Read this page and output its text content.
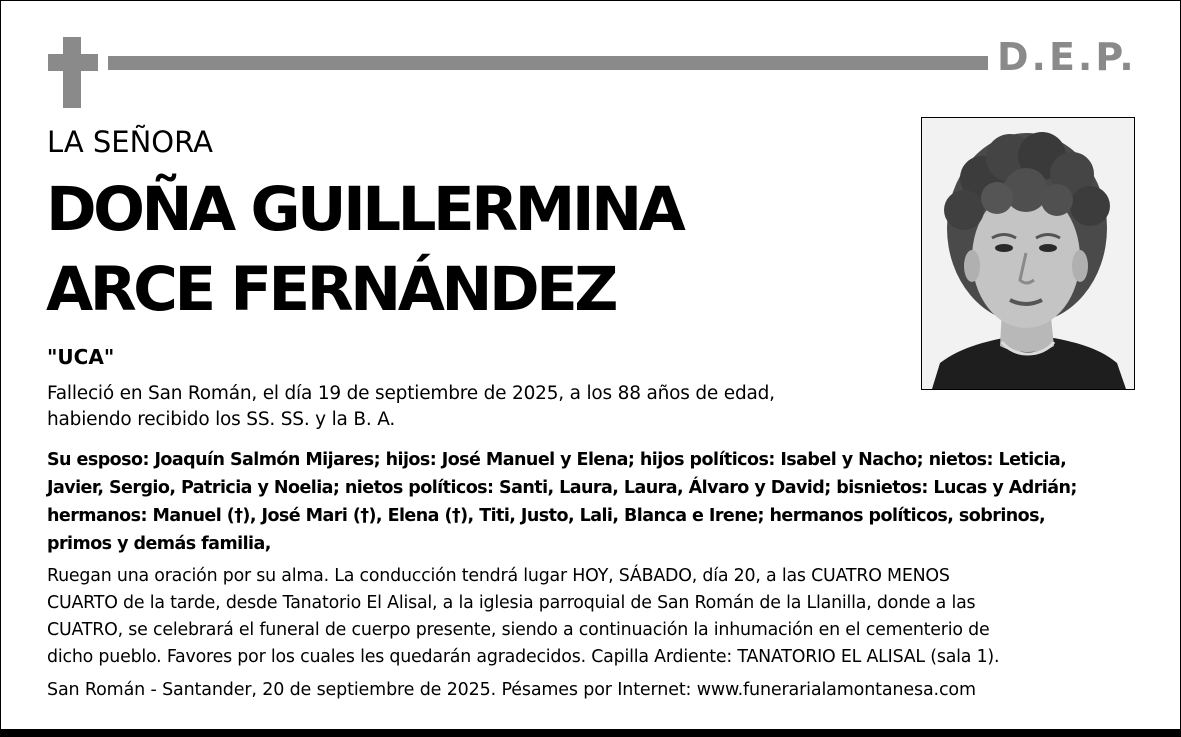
D.E.P.
LA SEÑORA
DOÑA GUILLERMINA
ARCE FERNÁNDEZ
"UCA"
Falleció en San Román, el día 19 de septiembre de 2025, a los 88 años de edad,
habiendo recibido los SS. SS. y la B. A.
Su esposo: Joaquín Salmón Mijares; hijos: José Manuel y Elena; hijos políticos: Isabel y Nacho; nietos: Leticia,
Javier, Sergio, Patricia y Noelia; nietos políticos: Santi, Laura, Laura, Álvaro y David; bisnietos: Lucas y Adrián;
hermanos: Manuel (†), José Mari (†), Elena (†), Titi, Justo, Lali, Blanca e Irene; hermanos políticos, sobrinos,
primos y demás familia,
Ruegan una oración por su alma. La conducción tendrá lugar HOY, SÁBADO, día 20, a las CUATRO MENOS
CUARTO de la tarde, desde Tanatorio El Alisal, a la iglesia parroquial de San Román de la Llanilla, donde a las
CUATRO, se celebrará el funeral de cuerpo presente, siendo a continuación la inhumación en el cementerio de
dicho pueblo. Favores por los cuales les quedarán agradecidos. Capilla Ardiente: TANATORIO EL ALISAL (sala 1).
San Román - Santander, 20 de septiembre de 2025. Pésames por Internet: www.funerarialamontanesa.com
